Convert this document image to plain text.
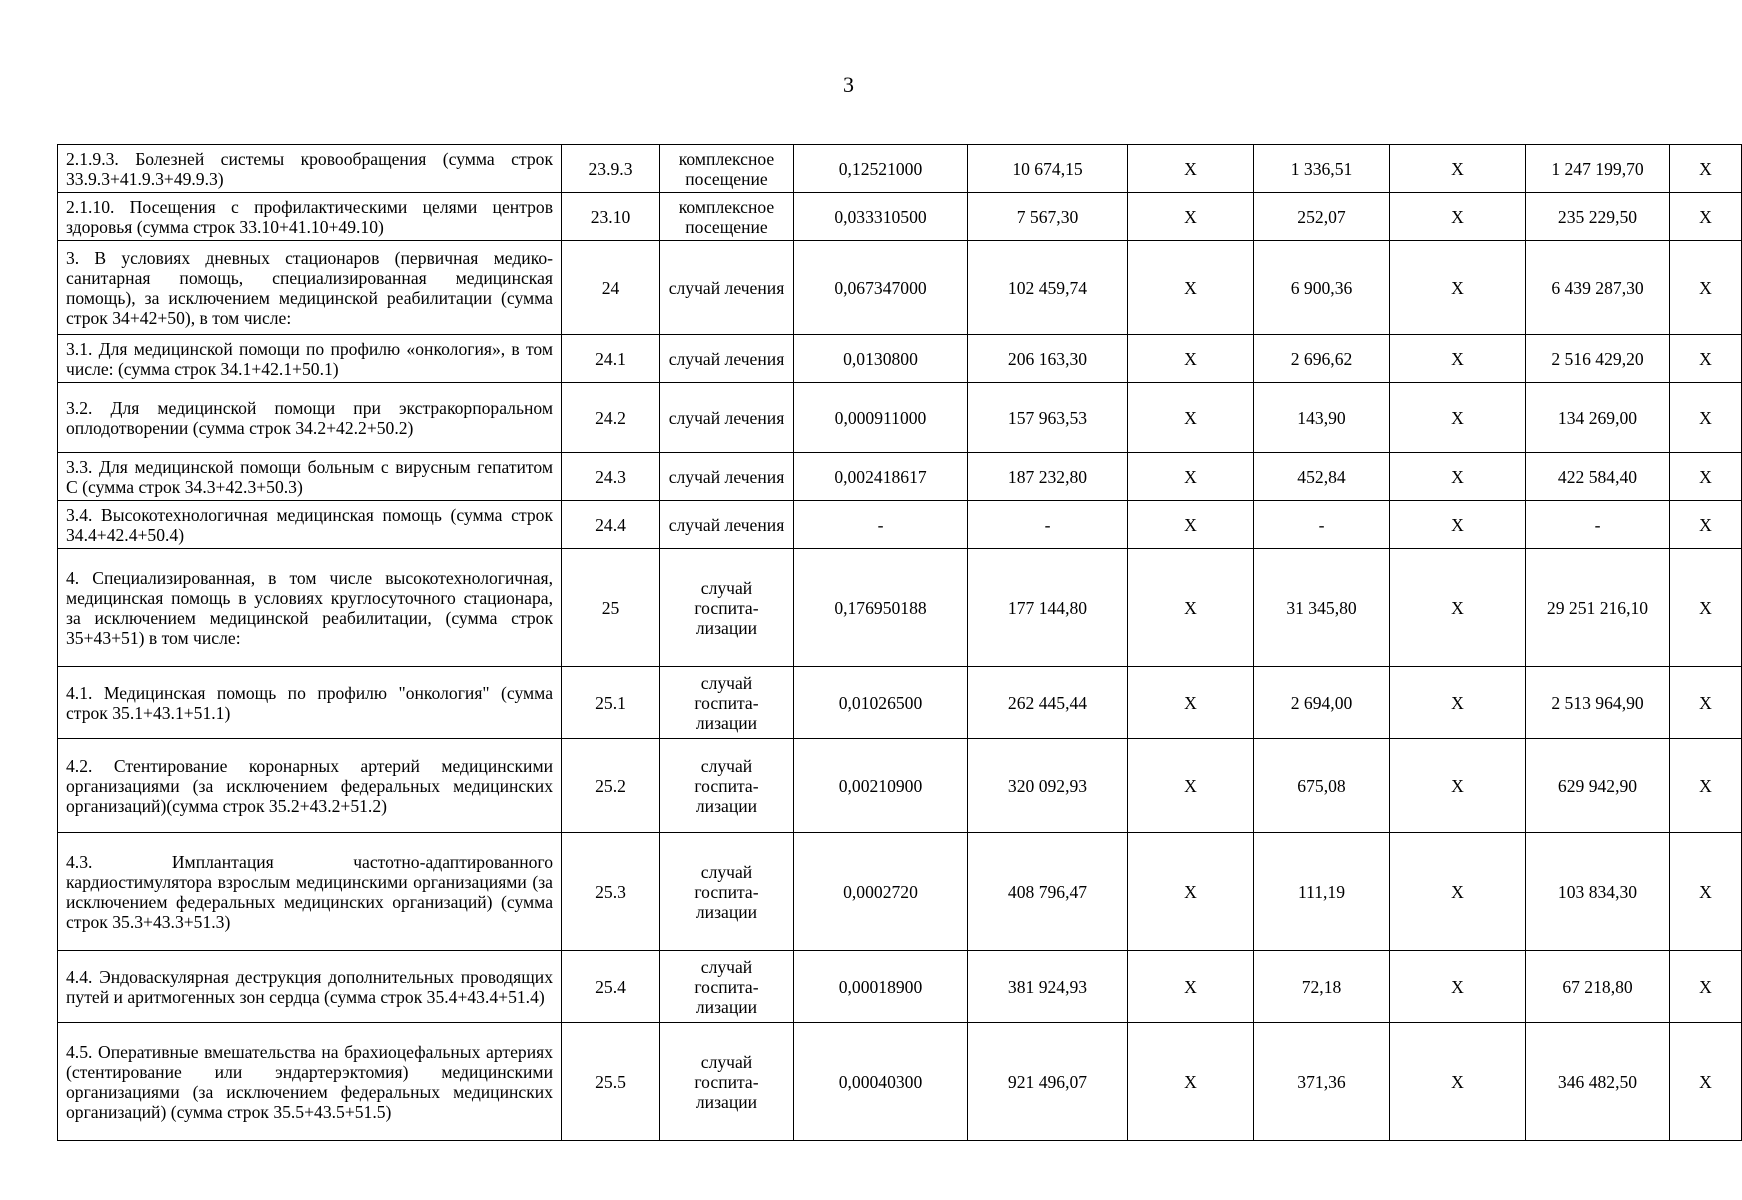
3
2.1.9.3. Болезней системы кровообращения (сумма строк 33.9.3+41.9.3+49.9.3)	23.9.3	комплексное посещение	0,12521000	10 674,15	Х	1 336,51	Х	1 247 199,70	Х
2.1.10. Посещения с профилактическими целями центров здоровья (сумма строк 33.10+41.10+49.10)	23.10	комплексное посещение	0,033310500	7 567,30	Х	252,07	Х	235 229,50	Х
3. В условиях дневных стационаров (первичная медико-санитарная помощь, специализированная медицинская помощь), за исключением медицинской реабилитации (сумма строк 34+42+50), в том числе:	24	случай лечения	0,067347000	102 459,74	Х	6 900,36	Х	6 439 287,30	Х
3.1. Для медицинской помощи по профилю «онкология», в том числе: (сумма строк 34.1+42.1+50.1)	24.1	случай лечения	0,0130800	206 163,30	Х	2 696,62	Х	2 516 429,20	Х
3.2. Для медицинской помощи при экстракорпоральном оплодотворении (сумма строк 34.2+42.2+50.2)	24.2	случай лечения	0,000911000	157 963,53	Х	143,90	Х	134 269,00	Х
3.3. Для медицинской помощи больным с вирусным гепатитом С (сумма строк 34.3+42.3+50.3)	24.3	случай лечения	0,002418617	187 232,80	Х	452,84	Х	422 584,40	Х
3.4. Высокотехнологичная медицинская помощь (сумма строк 34.4+42.4+50.4)	24.4	случай лечения	-	-	Х	-	Х	-	Х
4. Специализированная, в том числе высокотехнологичная, медицинская помощь в условиях круглосуточного стационара, за исключением медицинской реабилитации, (сумма строк 35+43+51) в том числе:	25	случай госпита-лизации	0,176950188	177 144,80	Х	31 345,80	Х	29 251 216,10	Х
4.1. Медицинская помощь по профилю "онкология" (сумма строк 35.1+43.1+51.1)	25.1	случай госпита-лизации	0,01026500	262 445,44	Х	2 694,00	Х	2 513 964,90	Х
4.2. Стентирование коронарных артерий медицинскими организациями (за исключением федеральных медицинских организаций)(сумма строк 35.2+43.2+51.2)	25.2	случай госпита-лизации	0,00210900	320 092,93	Х	675,08	Х	629 942,90	Х
4.3. Имплантация частотно-адаптированного кардиостимулятора взрослым медицинскими организациями (за исключением федеральных медицинских организаций) (сумма строк 35.3+43.3+51.3)	25.3	случай госпита-лизации	0,0002720	408 796,47	Х	111,19	Х	103 834,30	Х
4.4. Эндоваскулярная деструкция дополнительных проводящих путей и аритмогенных зон сердца (сумма строк 35.4+43.4+51.4)	25.4	случай госпита-лизации	0,00018900	381 924,93	Х	72,18	Х	67 218,80	Х
4.5. Оперативные вмешательства на брахиоцефальных артериях (стентирование или эндартерэктомия) медицинскими организациями (за исключением федеральных медицинских организаций) (сумма строк 35.5+43.5+51.5)	25.5	случай госпита-лизации	0,00040300	921 496,07	Х	371,36	Х	346 482,50	Х
